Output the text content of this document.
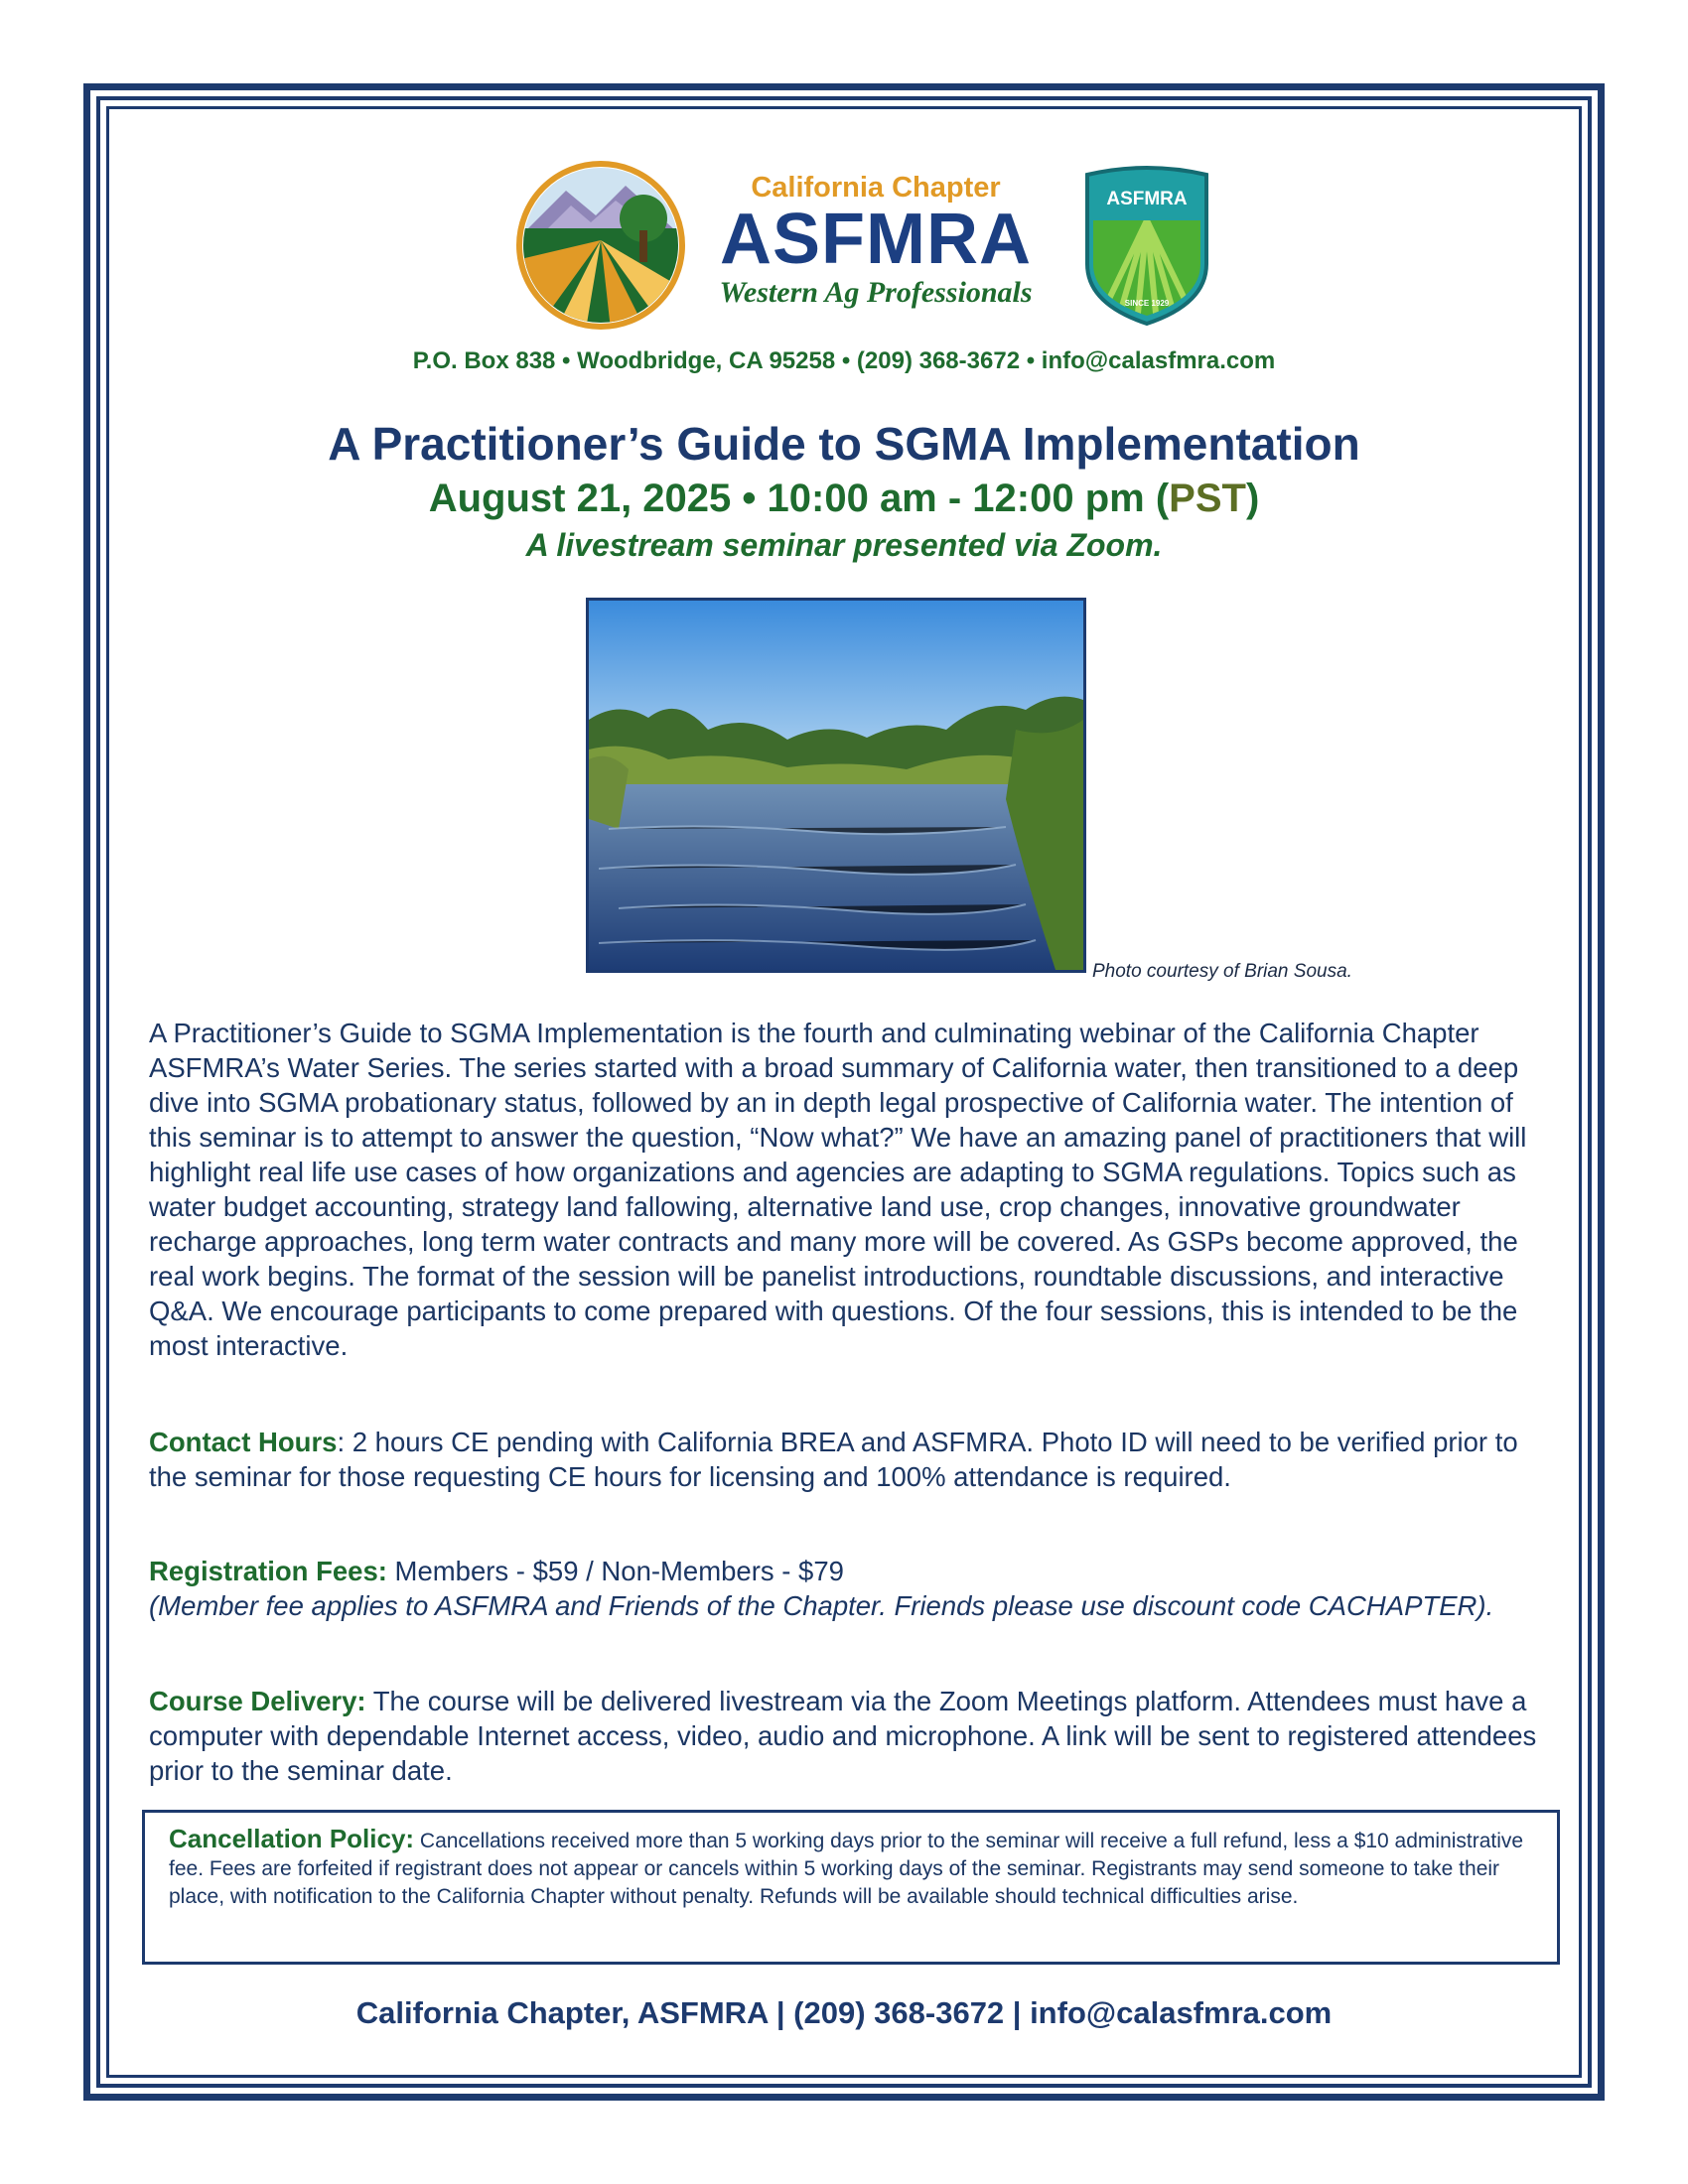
California Chapter
ASFMRA
Western Ag Professionals
ASFMRA
SINCE 1929
P.O. Box 838 • Woodbridge, CA 95258 • (209) 368-3672 • info@calasfmra.com
A Practitioner’s Guide to SGMA Implementation
August 21, 2025 • 10:00 am - 12:00 pm (PST)
A livestream seminar presented via Zoom.
Photo courtesy of Brian Sousa.
A Practitioner’s Guide to SGMA Implementation is the fourth and culminating webinar of the California Chapter ASFMRA’s Water Series. The series started with a broad summary of California water, then transitioned to a deep dive into SGMA probationary status, followed by an in depth legal prospective of California water. The intention of this seminar is to attempt to answer the question, “Now what?” We have an amazing panel of practitioners that will highlight real life use cases of how organizations and agencies are adapting to SGMA regulations. Topics such as water budget accounting, strategy land fallowing, alternative land use, crop changes, innovative groundwater recharge approaches, long term water contracts and many more will be covered. As GSPs become approved, the real work begins. The format of the session will be panelist introductions, roundtable discussions, and interactive Q&A. We encourage participants to come prepared with questions. Of the four sessions, this is intended to be the most interactive.
Contact Hours: 2 hours CE pending with California BREA and ASFMRA. Photo ID will need to be verified prior to the seminar for those requesting CE hours for licensing and 100% attendance is required.
Registration Fees: Members - $59 / Non-Members - $79
(Member fee applies to ASFMRA and Friends of the Chapter. Friends please use discount code CACHAPTER).
Course Delivery: The course will be delivered livestream via the Zoom Meetings platform. Attendees must have a computer with dependable Internet access, video, audio and microphone. A link will be sent to registered attendees prior to the seminar date.
Cancellation Policy: Cancellations received more than 5 working days prior to the seminar will receive a full refund, less a $10 administrative fee. Fees are forfeited if registrant does not appear or cancels within 5 working days of the seminar. Registrants may send someone to take their place, with notification to the California Chapter without penalty. Refunds will be available should technical difficulties arise.
California Chapter, ASFMRA | (209) 368-3672 | info@calasfmra.com
